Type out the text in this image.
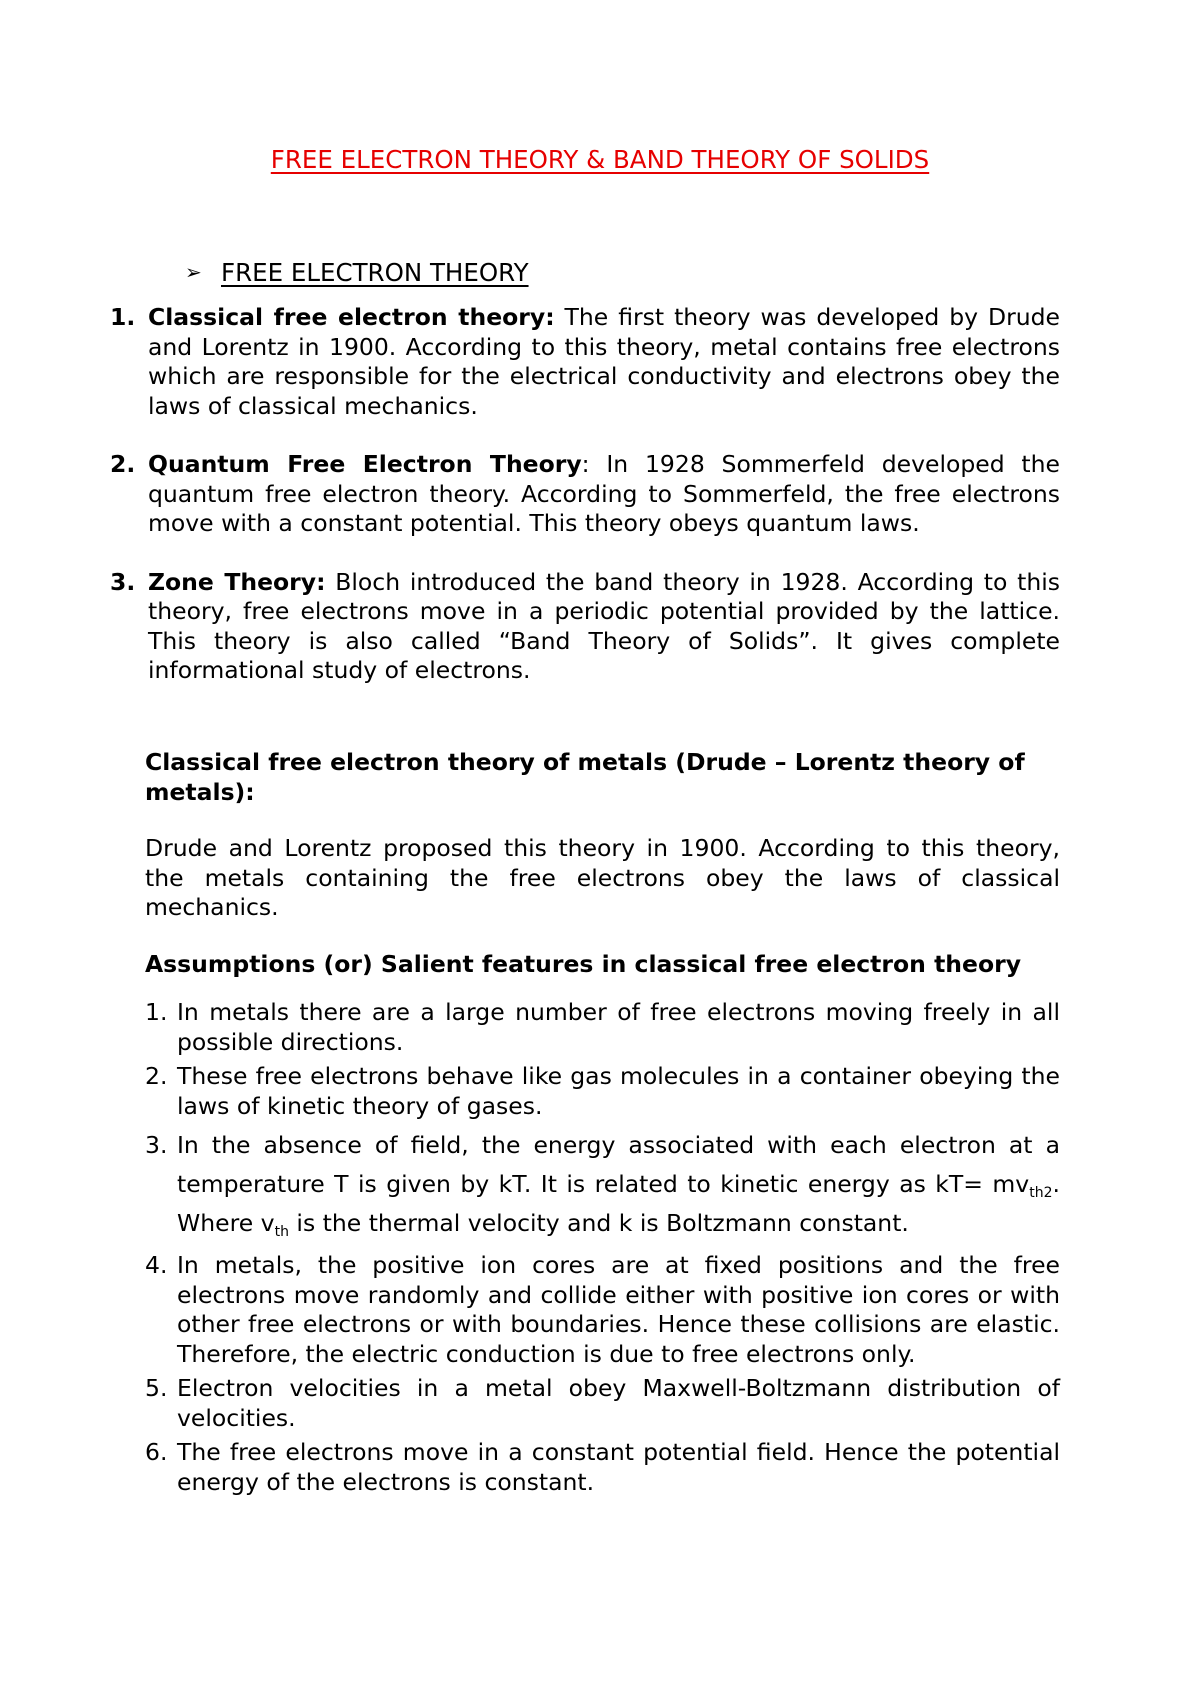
FREE ELECTRON THEORY & BAND THEORY OF SOLIDS
➢ FREE ELECTRON THEORY
1. Classical free electron theory: The first theory was developed by Drude and Lorentz in 1900. According to this theory, metal contains free electrons which are responsible for the electrical conductivity and electrons obey the laws of classical mechanics.
2. Quantum Free Electron Theory: In 1928 Sommerfeld developed the quantum free electron theory. According to Sommerfeld, the free electrons move with a constant potential. This theory obeys quantum laws.
3. Zone Theory: Bloch introduced the band theory in 1928. According to this theory, free electrons move in a periodic potential provided by the lattice. This theory is also called “Band Theory of Solids”. It gives complete informational study of electrons.
Classical free electron theory of metals (Drude – Lorentz theory of metals):
Drude and Lorentz proposed this theory in 1900. According to this theory, the metals containing the free electrons obey the laws of classical mechanics.
Assumptions (or) Salient features in classical free electron theory
1. In metals there are a large number of free electrons moving freely in all possible directions.
2. These free electrons behave like gas molecules in a container obeying the laws of kinetic theory of gases.
3. In the absence of field, the energy associated with each electron at a temperature T is given by kT. It is related to kinetic energy as $kT= mv_{th2}$. Where $v_{th}$ is the thermal velocity and k is Boltzmann constant.
4. In metals, the positive ion cores are at fixed positions and the free electrons move randomly and collide either with positive ion cores or with other free electrons or with boundaries. Hence these collisions are elastic. Therefore, the electric conduction is due to free electrons only.
5. Electron velocities in a metal obey Maxwell-Boltzmann distribution of velocities.
6. The free electrons move in a constant potential field. Hence the potential energy of the electrons is constant.
